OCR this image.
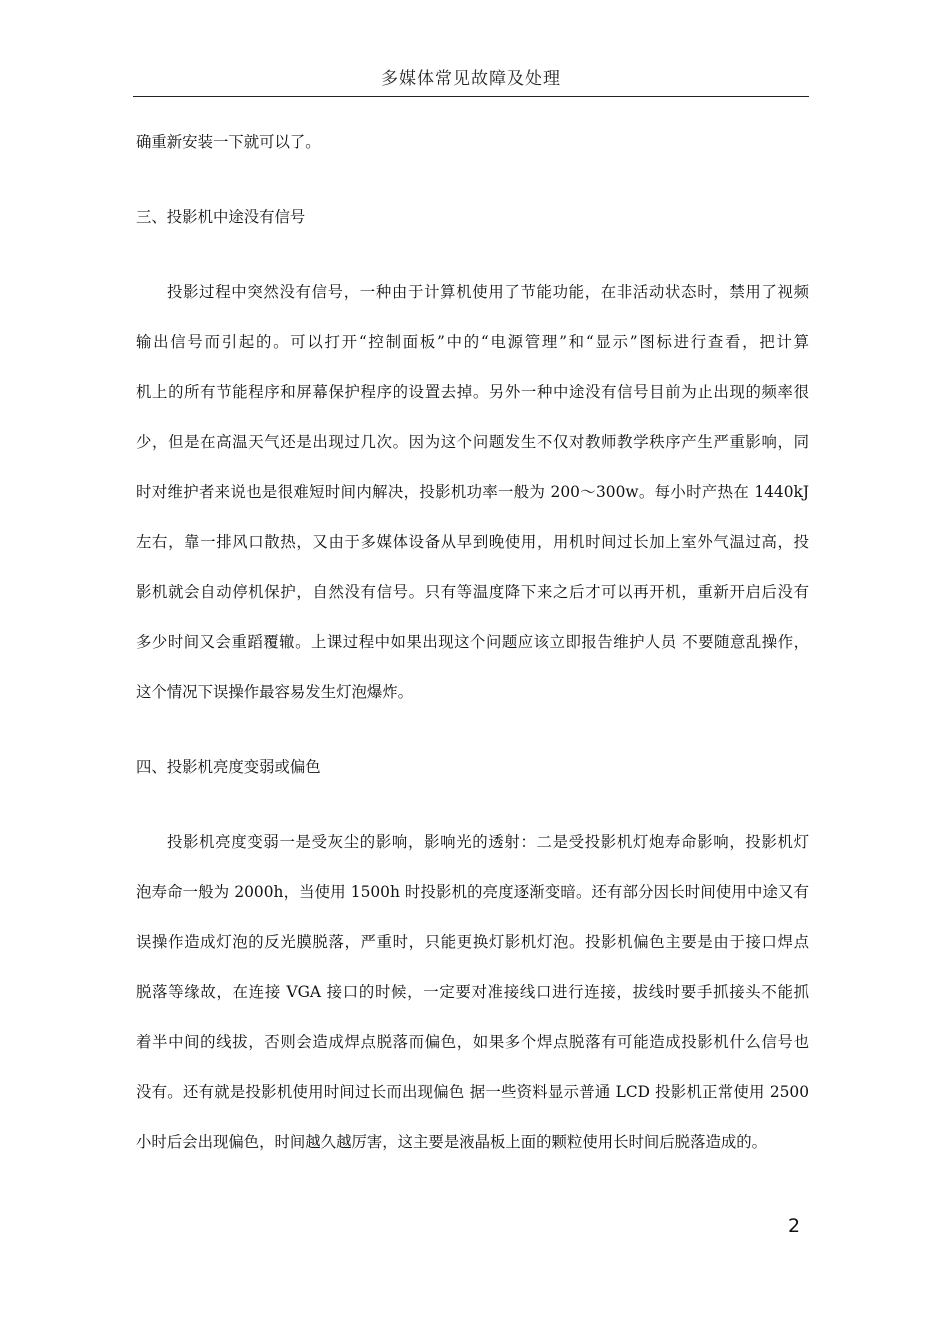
多媒体常见故障及处理
确重新安装一下就可以了。
三、投影机中途没有信号
投影过程中突然没有信号，一种由于计算机使用了节能功能，在非活动状态时，禁用了视频
输出信号而引起的。可以打开“控制面板”中的“电源管理”和“显示”图标进行查看，把计算
机上的所有节能程序和屏幕保护程序的设置去掉。另外一种中途没有信号目前为止出现的频率很
少，但是在高温天气还是出现过几次。因为这个问题发生不仅对教师教学秩序产生严重影响，同
时对维护者来说也是很难短时间内解决，投影机功率一般为 200～300w。每小时产热在 1440kJ
左右，靠一排风口散热，又由于多媒体设备从早到晚使用，用机时间过长加上室外气温过高，投
影机就会自动停机保护，自然没有信号。只有等温度降下来之后才可以再开机，重新开启后没有
多少时间又会重蹈覆辙。上课过程中如果出现这个问题应该立即报告维护人员 不要随意乱操作，
这个情况下误操作最容易发生灯泡爆炸。
四、投影机亮度变弱或偏色
投影机亮度变弱一是受灰尘的影响，影响光的透射：二是受投影机灯炮寿命影响，投影机灯
泡寿命一般为 2000h，当使用 1500h 时投影机的亮度逐渐变暗。还有部分因长时间使用中途又有
误操作造成灯泡的反光膜脱落，严重时，只能更换灯影机灯泡。投影机偏色主要是由于接口焊点
脱落等缘故，在连接 VGA 接口的时候，一定要对准接线口进行连接，拔线时要手抓接头不能抓
着半中间的线拔，否则会造成焊点脱落而偏色，如果多个焊点脱落有可能造成投影机什么信号也
没有。还有就是投影机使用时间过长而出现偏色 据一些资料显示普通 LCD 投影机正常使用 2500
小时后会出现偏色，时间越久越厉害，这主要是液晶板上面的颗粒使用长时间后脱落造成的。
2
